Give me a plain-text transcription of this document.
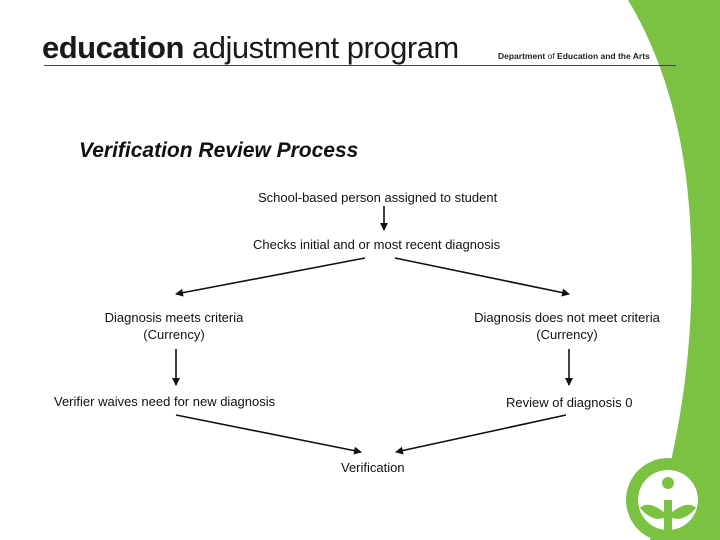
education adjustment program	Department of Education and the Arts
Verification Review Process
School-based person assigned to student
Checks initial and or most recent diagnosis
Diagnosis meets criteria
(Currency)
Diagnosis does not meet criteria
(Currency)
Verifier waives need for new diagnosis	Review of diagnosis 0
Verification
